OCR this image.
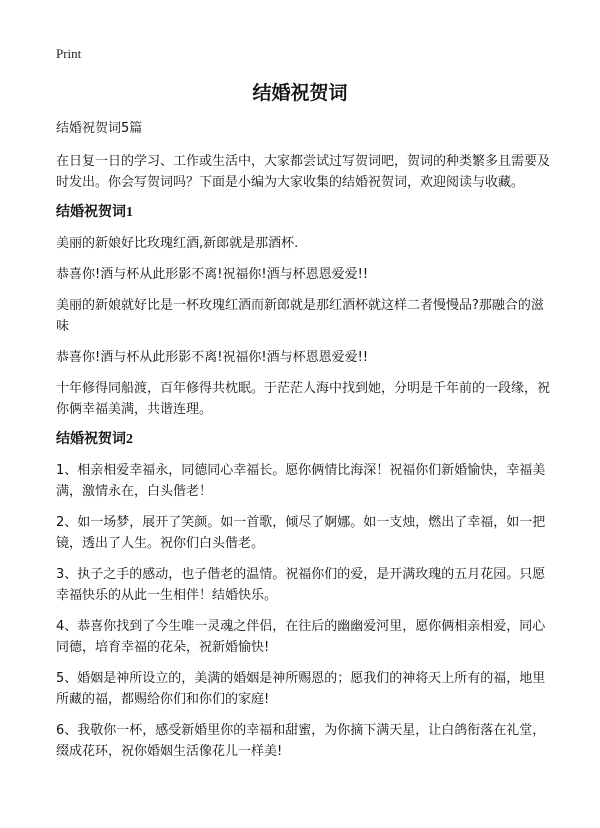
Print
结婚祝贺词

结婚祝贺词5篇

在日复一日的学习、工作或生活中，大家都尝试过写贺词吧，贺词的种类繁多且需要及时发出。你会写贺词吗？下面是小编为大家收集的结婚祝贺词，欢迎阅读与收藏。

结婚祝贺词1

美丽的新娘好比玫瑰红酒,新郎就是那酒杯.

恭喜你!酒与杯从此形影不离!祝福你!酒与杯恩恩爱爱!!

美丽的新娘就好比是一杯玫瑰红酒而新郎就是那红酒杯就这样二者慢慢品?那融合的滋味

恭喜你!酒与杯从此形影不离!祝福你!酒与杯恩恩爱爱!!

十年修得同船渡，百年修得共枕眠。于茫茫人海中找到她，分明是千年前的一段缘，祝你俩幸福美满，共谐连理。

结婚祝贺词2

1、相亲相爱幸福永，同德同心幸福长。愿你俩情比海深！祝福你们新婚愉快，幸福美满，激情永在，白头偕老！

2、如一场梦，展开了笑颜。如一首歌，倾尽了婀娜。如一支烛，燃出了幸福，如一把镜，透出了人生。祝你们白头偕老。

3、执子之手的感动，也子偕老的温情。祝福你们的爱，是开满玫瑰的五月花园。只愿幸福快乐的从此一生相伴！结婚快乐。

4、恭喜你找到了今生唯一灵魂之伴侣，在往后的幽幽爱河里，愿你俩相亲相爱，同心同德，培育幸福的花朵，祝新婚愉快!

5、婚姻是神所设立的，美满的婚姻是神所赐恩的；愿我们的神将天上所有的福，地里所藏的福，都赐给你们和你们的家庭!

6、我敬你一杯，感受新婚里你的幸福和甜蜜，为你摘下满天星，让白鸽衔落在礼堂，缀成花环，祝你婚姻生活像花儿一样美!
